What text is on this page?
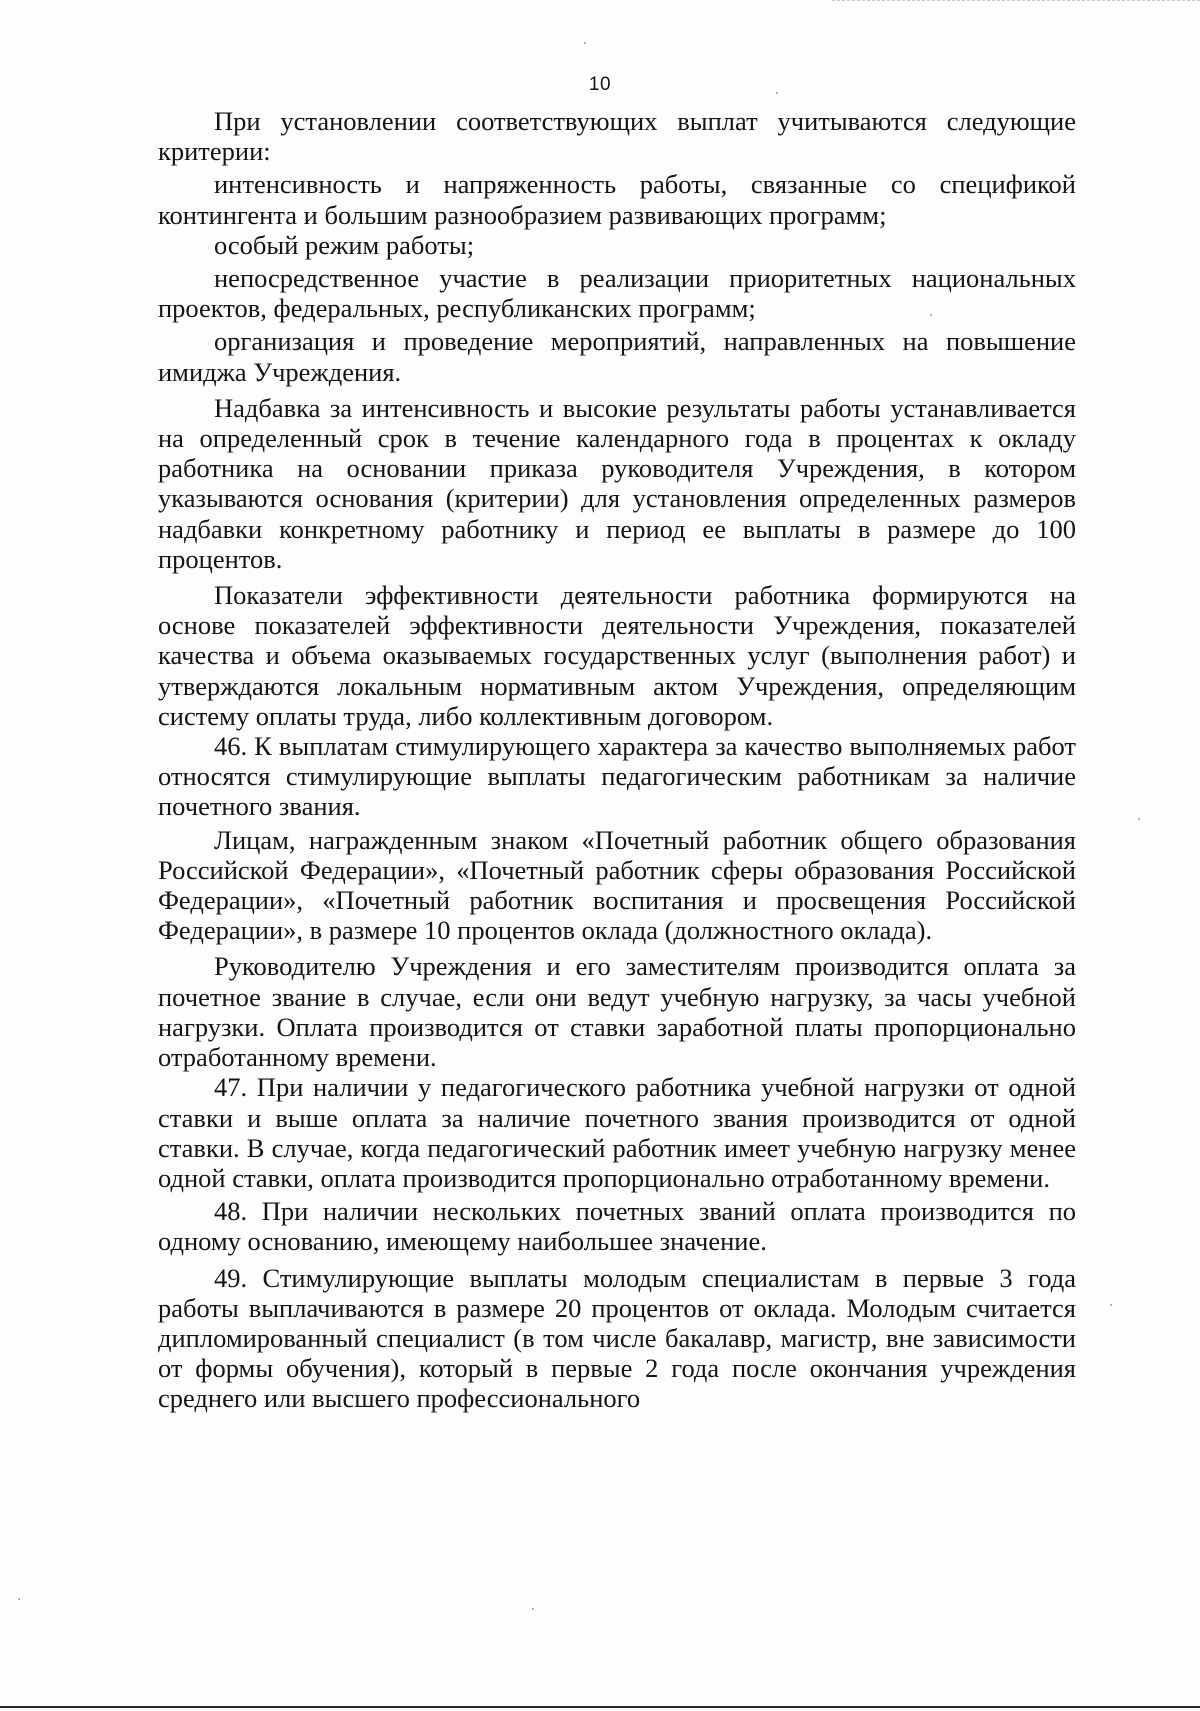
10

При установлении соответствующих выплат учитываются следующие критерии:

интенсивность и напряженность работы, связанные со спецификой контингента и большим разнообразием развивающих программ;

особый режим работы;

непосредственное участие в реализации приоритетных национальных проектов, федеральных, республиканских программ;

организация и проведение мероприятий, направленных на повышение имиджа Учреждения.

Надбавка за интенсивность и высокие результаты работы устанавливается на определенный срок в течение календарного года в процентах к окладу работника на основании приказа руководителя Учреждения, в котором указываются основания (критерии) для установления определенных размеров надбавки конкретному работнику и период ее выплаты в размере до 100 процентов.

Показатели эффективности деятельности работника формируются на основе показателей эффективности деятельности Учреждения, показателей качества и объема оказываемых государственных услуг (выполнения работ) и утверждаются локальным нормативным актом Учреждения, определяющим систему оплаты труда, либо коллективным договором.

46. К выплатам стимулирующего характера за качество выполняемых работ относятся стимулирующие выплаты педагогическим работникам за наличие почетного звания.

Лицам, награжденным знаком «Почетный работник общего образования Российской Федерации», «Почетный работник сферы образования Российской Федерации», «Почетный работник воспитания и просвещения Российской Федерации», в размере 10 процентов оклада (должностного оклада).

Руководителю Учреждения и его заместителям производится оплата за почетное звание в случае, если они ведут учебную нагрузку, за часы учебной нагрузки. Оплата производится от ставки заработной платы пропорционально отработанному времени.

47. При наличии у педагогического работника учебной нагрузки от одной ставки и выше оплата за наличие почетного звания производится от одной ставки. В случае, когда педагогический работник имеет учебную нагрузку менее одной ставки, оплата производится пропорционально отработанному времени.

48. При наличии нескольких почетных званий оплата производится по одному основанию, имеющему наибольшее значение.

49. Стимулирующие выплаты молодым специалистам в первые 3 года работы выплачиваются в размере 20 процентов от оклада. Молодым считается дипломированный специалист (в том числе бакалавр, магистр, вне зависимости от формы обучения), который в первые 2 года после окончания учреждения среднего или высшего профессионального
